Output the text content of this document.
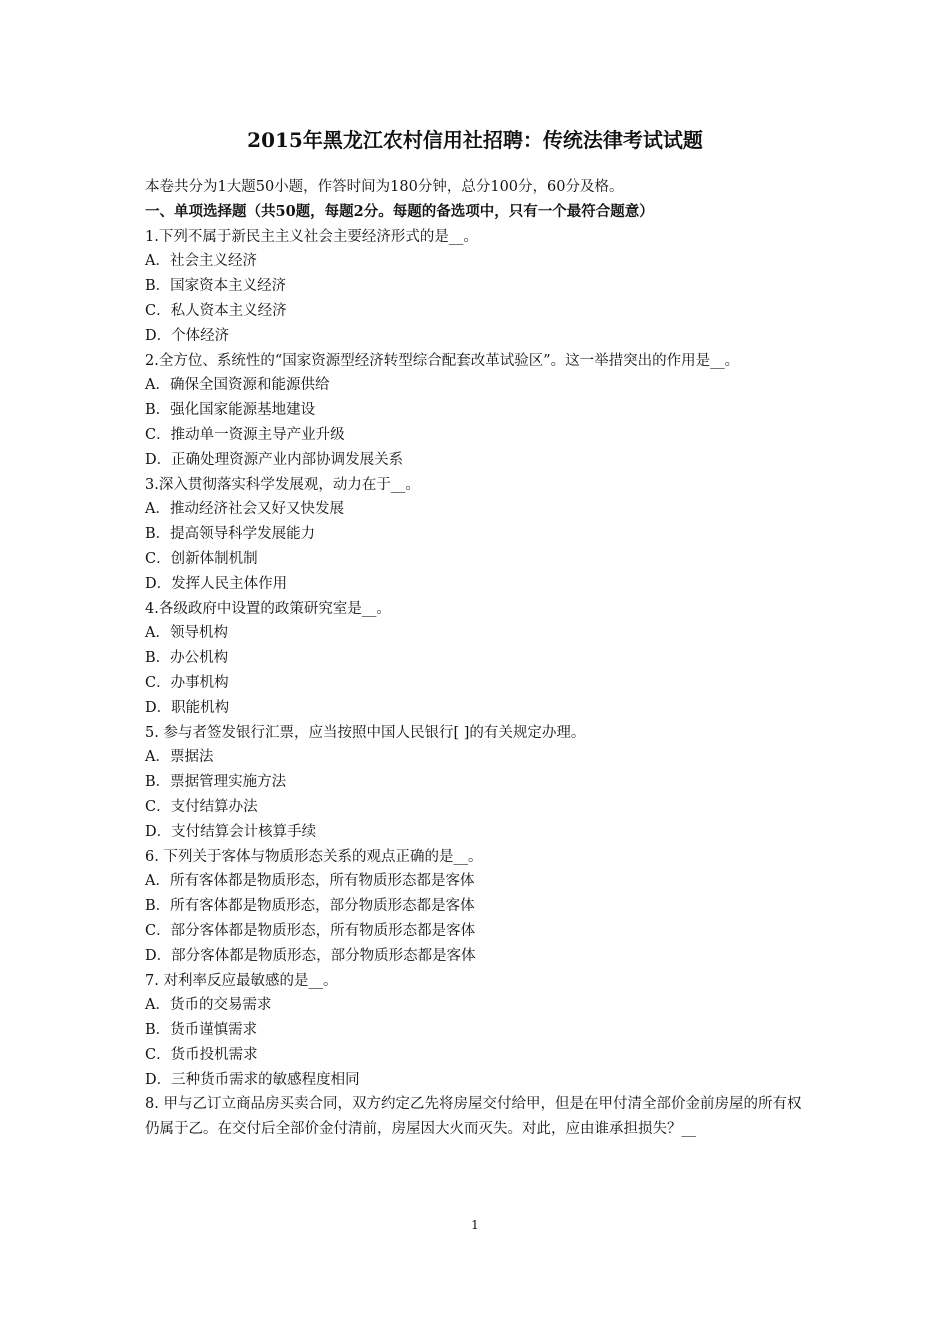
2015年黑龙江农村信用社招聘：传统法律考试试题

本卷共分为1大题50小题，作答时间为180分钟，总分100分，60分及格。

一、单项选择题（共50题，每题2分。每题的备选项中，只有一个最符合题意）

1.下列不属于新民主主义社会主要经济形式的是__。

A．社会主义经济

B．国家资本主义经济

C．私人资本主义经济

D．个体经济

2.全方位、系统性的“国家资源型经济转型综合配套改革试验区”。这一举措突出的作用是__。

A．确保全国资源和能源供给

B．强化国家能源基地建设

C．推动单一资源主导产业升级

D．正确处理资源产业内部协调发展关系

3.深入贯彻落实科学发展观，动力在于__。

A．推动经济社会又好又快发展

B．提高领导科学发展能力

C．创新体制机制

D．发挥人民主体作用

4.各级政府中设置的政策研究室是__。

A．领导机构

B．办公机构

C．办事机构

D．职能机构

5. 参与者签发银行汇票，应当按照中国人民银行[ ]的有关规定办理。

A．票据法

B．票据管理实施方法

C．支付结算办法

D．支付结算会计核算手续

6. 下列关于客体与物质形态关系的观点正确的是__。

A．所有客体都是物质形态，所有物质形态都是客体

B．所有客体都是物质形态，部分物质形态都是客体

C．部分客体都是物质形态，所有物质形态都是客体

D．部分客体都是物质形态，部分物质形态都是客体

7. 对利率反应最敏感的是__。

A．货币的交易需求

B．货币谨慎需求

C．货币投机需求

D．三种货币需求的敏感程度相同

8. 甲与乙订立商品房买卖合同，双方约定乙先将房屋交付给甲，但是在甲付清全部价金前房屋的所有权仍属于乙。在交付后全部价金付清前，房屋因大火而灭失。对此，应由谁承担损失？__

1
